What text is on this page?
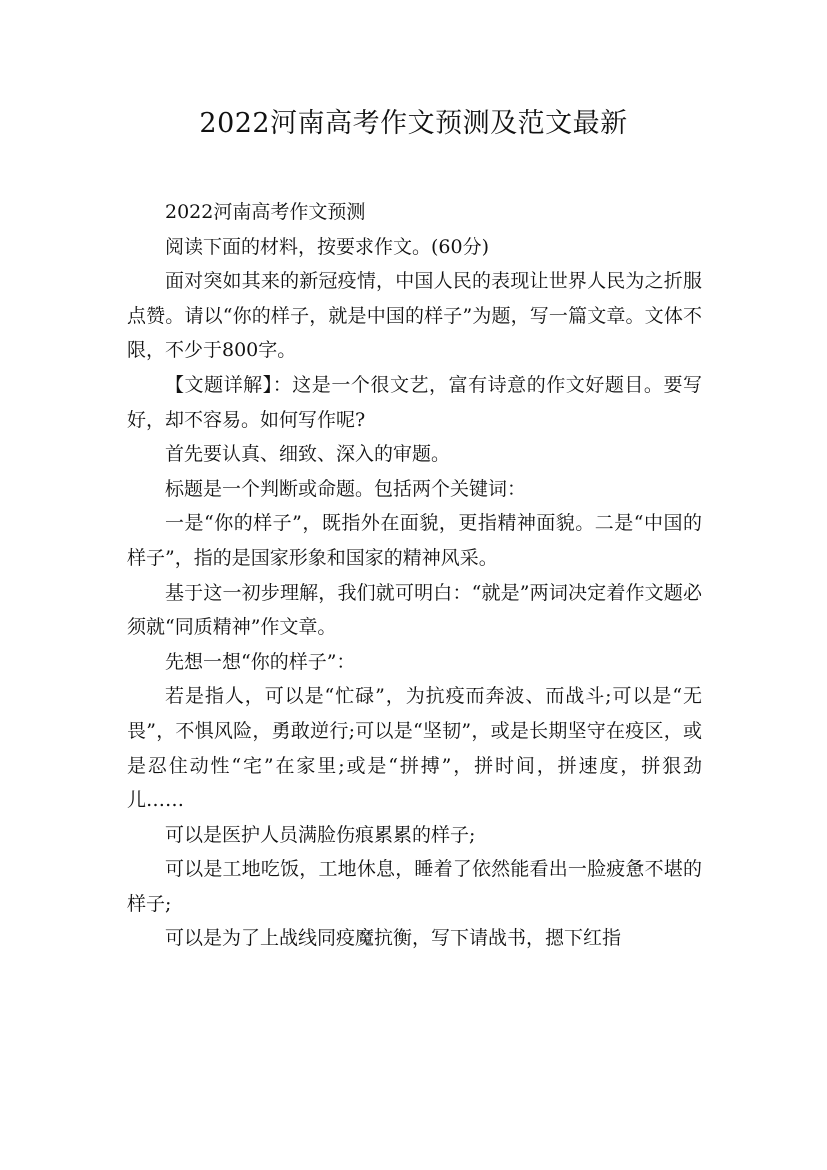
2022河南高考作文预测及范文最新

2022河南高考作文预测

阅读下面的材料，按要求作文。(60分)

面对突如其来的新冠疫情，中国人民的表现让世界人民为之折服点赞。请以“你的样子，就是中国的样子”为题，写一篇文章。文体不限，不少于800字。

【文题详解】：这是一个很文艺，富有诗意的作文好题目。要写好，却不容易。如何写作呢?

首先要认真、细致、深入的审题。

标题是一个判断或命题。包括两个关键词：

一是“你的样子”，既指外在面貌，更指精神面貌。二是“中国的样子”，指的是国家形象和国家的精神风采。

基于这一初步理解，我们就可明白：“就是”两词决定着作文题必须就“同质精神”作文章。

先想一想“你的样子”：

若是指人，可以是“忙碌”，为抗疫而奔波、而战斗;可以是“无畏”，不惧风险，勇敢逆行;可以是“坚韧”，或是长期坚守在疫区，或是忍住动性“宅”在家里;或是“拼搏”，拼时间，拼速度，拼狠劲儿……

可以是医护人员满脸伤痕累累的样子;

可以是工地吃饭，工地休息，睡着了依然能看出一脸疲惫不堪的样子;

可以是为了上战线同疫魔抗衡，写下请战书，摁下红指
